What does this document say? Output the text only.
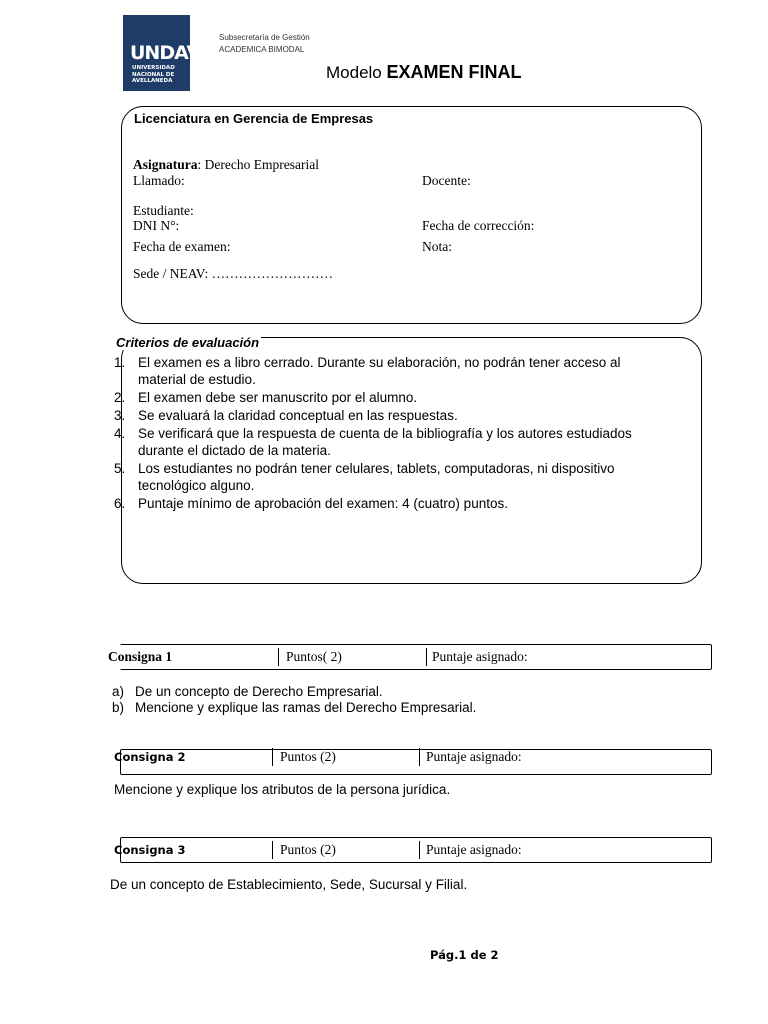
UNDAV
UNIVERSIDAD
NACIONAL DE
AVELLANEDA
Subsecretaría de Gestión
ACADEMICA BIMODAL
Modelo EXAMEN FINAL
Licenciatura en Gerencia de Empresas
Asignatura: Derecho Empresarial
Llamado:	Docente:
Estudiante:
DNI N°:	Fecha de corrección:
Fecha de examen:	Nota:
Sede / NEAV: ………………………
Criterios de evaluación
1. El examen es a libro cerrado. Durante su elaboración, no podrán tener acceso al
material de estudio.
2. El examen debe ser manuscrito por el alumno.
3. Se evaluará la claridad conceptual en las respuestas.
4. Se verificará que la respuesta de cuenta de la bibliografía y los autores estudiados
durante el dictado de la materia.
5. Los estudiantes no podrán tener celulares, tablets, computadoras, ni dispositivo
tecnológico alguno.
6. Puntaje mínimo de aprobación del examen: 4 (cuatro) puntos.
Consigna 1	Puntos( 2)	Puntaje asignado:
a) De un concepto de Derecho Empresarial.
b) Mencione y explique las ramas del Derecho Empresarial.
Consigna 2	Puntos (2)	Puntaje asignado:
Mencione y explique los atributos de la persona jurídica.
Consigna 3	Puntos (2)	Puntaje asignado:
De un concepto de Establecimiento, Sede, Sucursal y Filial.
Pág.1 de 2
